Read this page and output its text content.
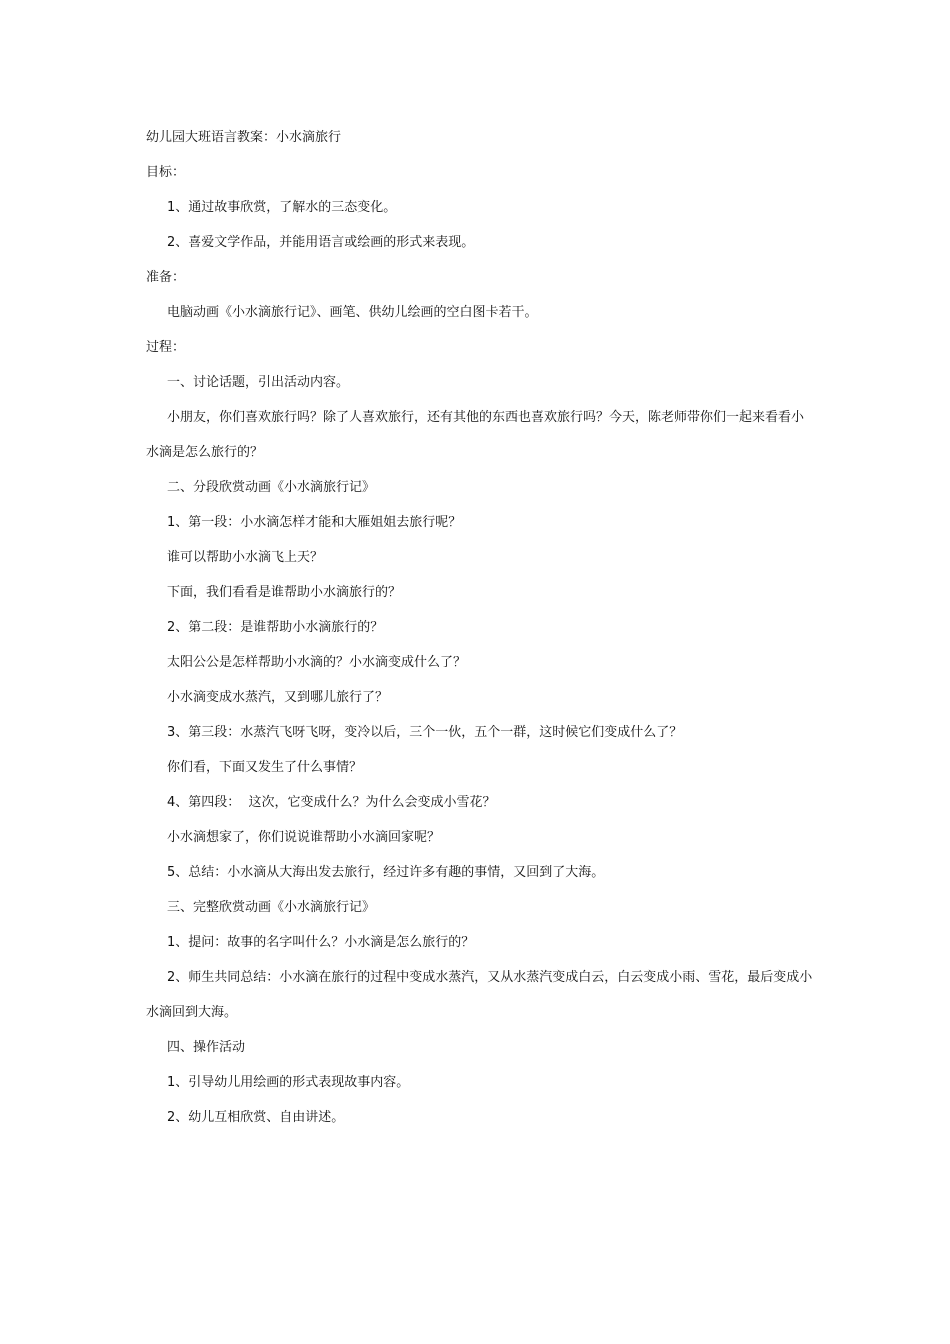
幼儿园大班语言教案：小水滴旅行
目标：
1、通过故事欣赏，了解水的三态变化。
2、喜爱文学作品，并能用语言或绘画的形式来表现。
准备：
电脑动画《小水滴旅行记》、画笔、供幼儿绘画的空白图卡若干。
过程：
一、讨论话题，引出活动内容。
小朋友，你们喜欢旅行吗？除了人喜欢旅行，还有其他的东西也喜欢旅行吗？今天，陈老师带你们一起来看看小水滴是怎么旅行的？
二、分段欣赏动画《小水滴旅行记》
1、第一段：小水滴怎样才能和大雁姐姐去旅行呢？
谁可以帮助小水滴飞上天？
下面，我们看看是谁帮助小水滴旅行的？
2、第二段：是谁帮助小水滴旅行的？
太阳公公是怎样帮助小水滴的？小水滴变成什么了？
小水滴变成水蒸汽，又到哪儿旅行了？
3、第三段：水蒸汽飞呀飞呀，变冷以后，三个一伙，五个一群，这时候它们变成什么了？
你们看，下面又发生了什么事情？
4、第四段：  这次，它变成什么？为什么会变成小雪花？
小水滴想家了，你们说说谁帮助小水滴回家呢？
5、总结：小水滴从大海出发去旅行，经过许多有趣的事情，又回到了大海。
三、完整欣赏动画《小水滴旅行记》
1、提问：故事的名字叫什么？小水滴是怎么旅行的？
2、师生共同总结：小水滴在旅行的过程中变成水蒸汽，又从水蒸汽变成白云，白云变成小雨、雪花，最后变成小水滴回到大海。
四、操作活动
1、引导幼儿用绘画的形式表现故事内容。
2、幼儿互相欣赏、自由讲述。
